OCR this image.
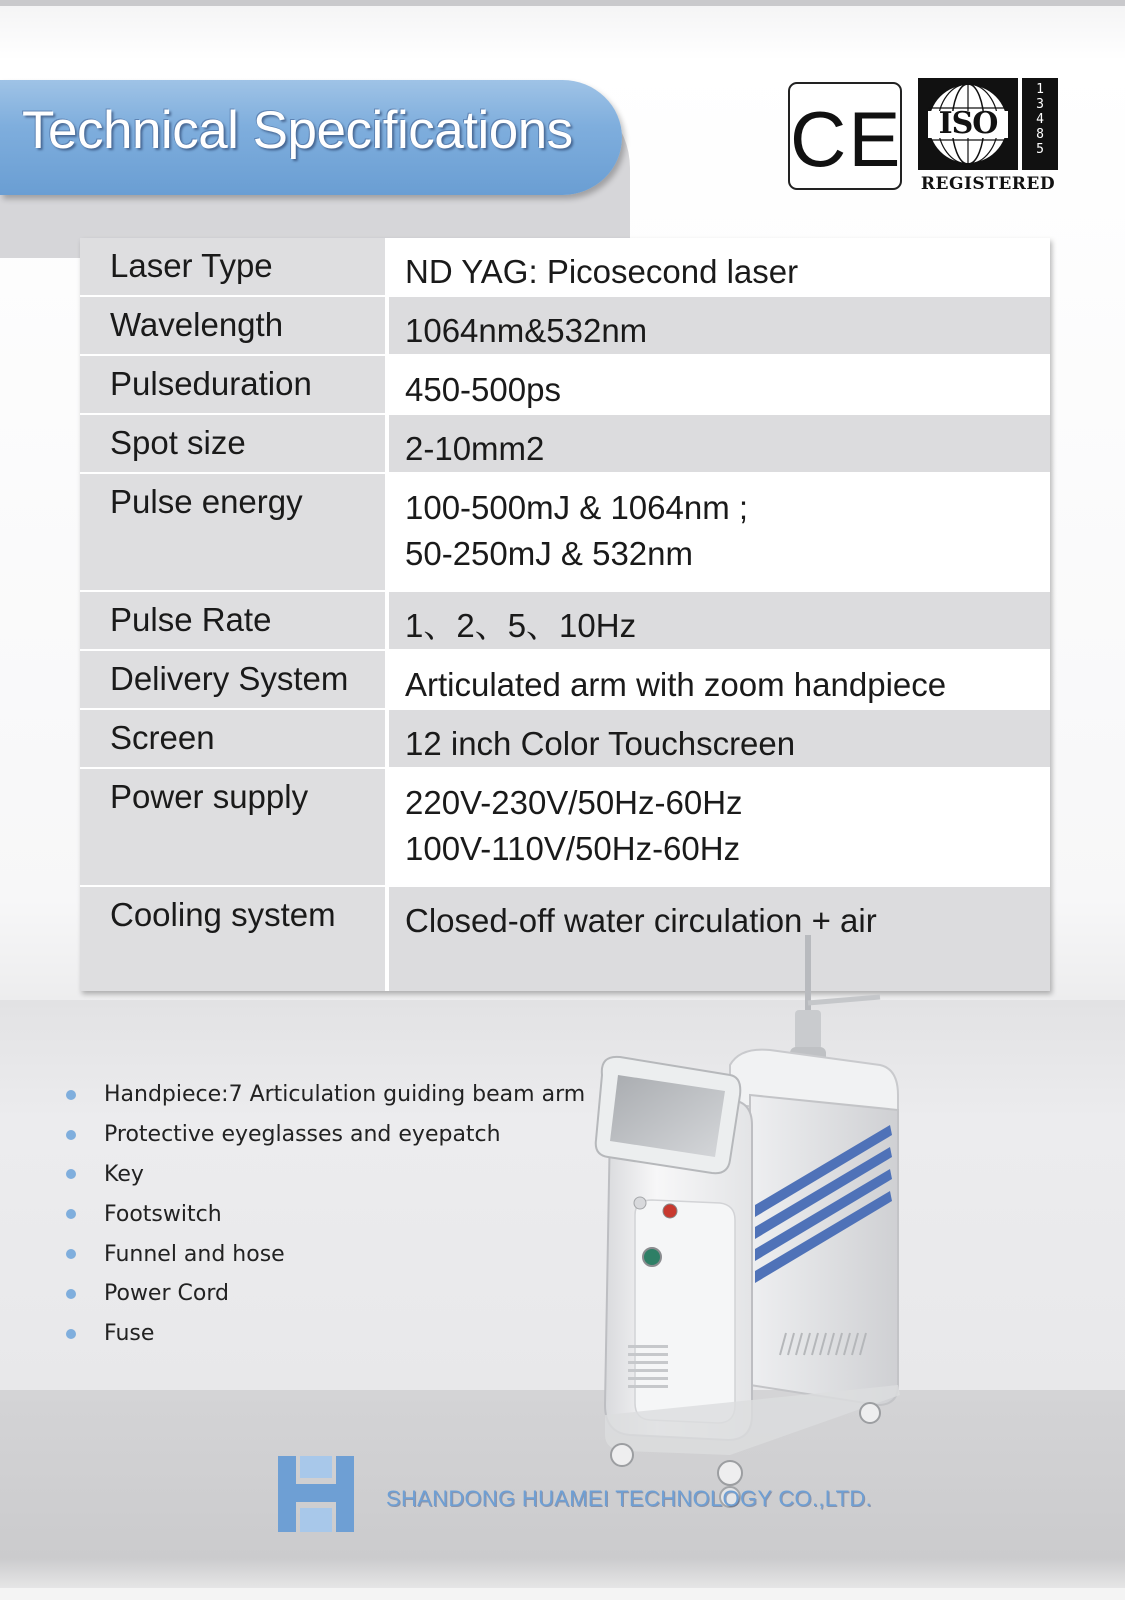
Technical Specifications	CE	ISO
1
3
4
8
5
REGISTERED
Laser Type	ND YAG: Picosecond laser
Wavelength	1064nm&532nm
Pulseduration	450-500ps
Spot size	2-10mm2
Pulse energy	100-500mJ & 1064nm ;
50-250mJ & 532nm
Pulse Rate	1、2、5、10Hz
Delivery System	Articulated arm with zoom handpiece
Screen	12 inch Color Touchscreen
Power supply	220V-230V/50Hz-60Hz
100V-110V/50Hz-60Hz
Cooling system	Closed-off water circulation + air
Handpiece:7 Articulation guiding beam arm
Protective eyeglasses and eyepatch
Key
Footswitch
Funnel and hose
Power Cord
Fuse
SHANDONG HUAMEI TECHNOLOGY CO.,LTD.
